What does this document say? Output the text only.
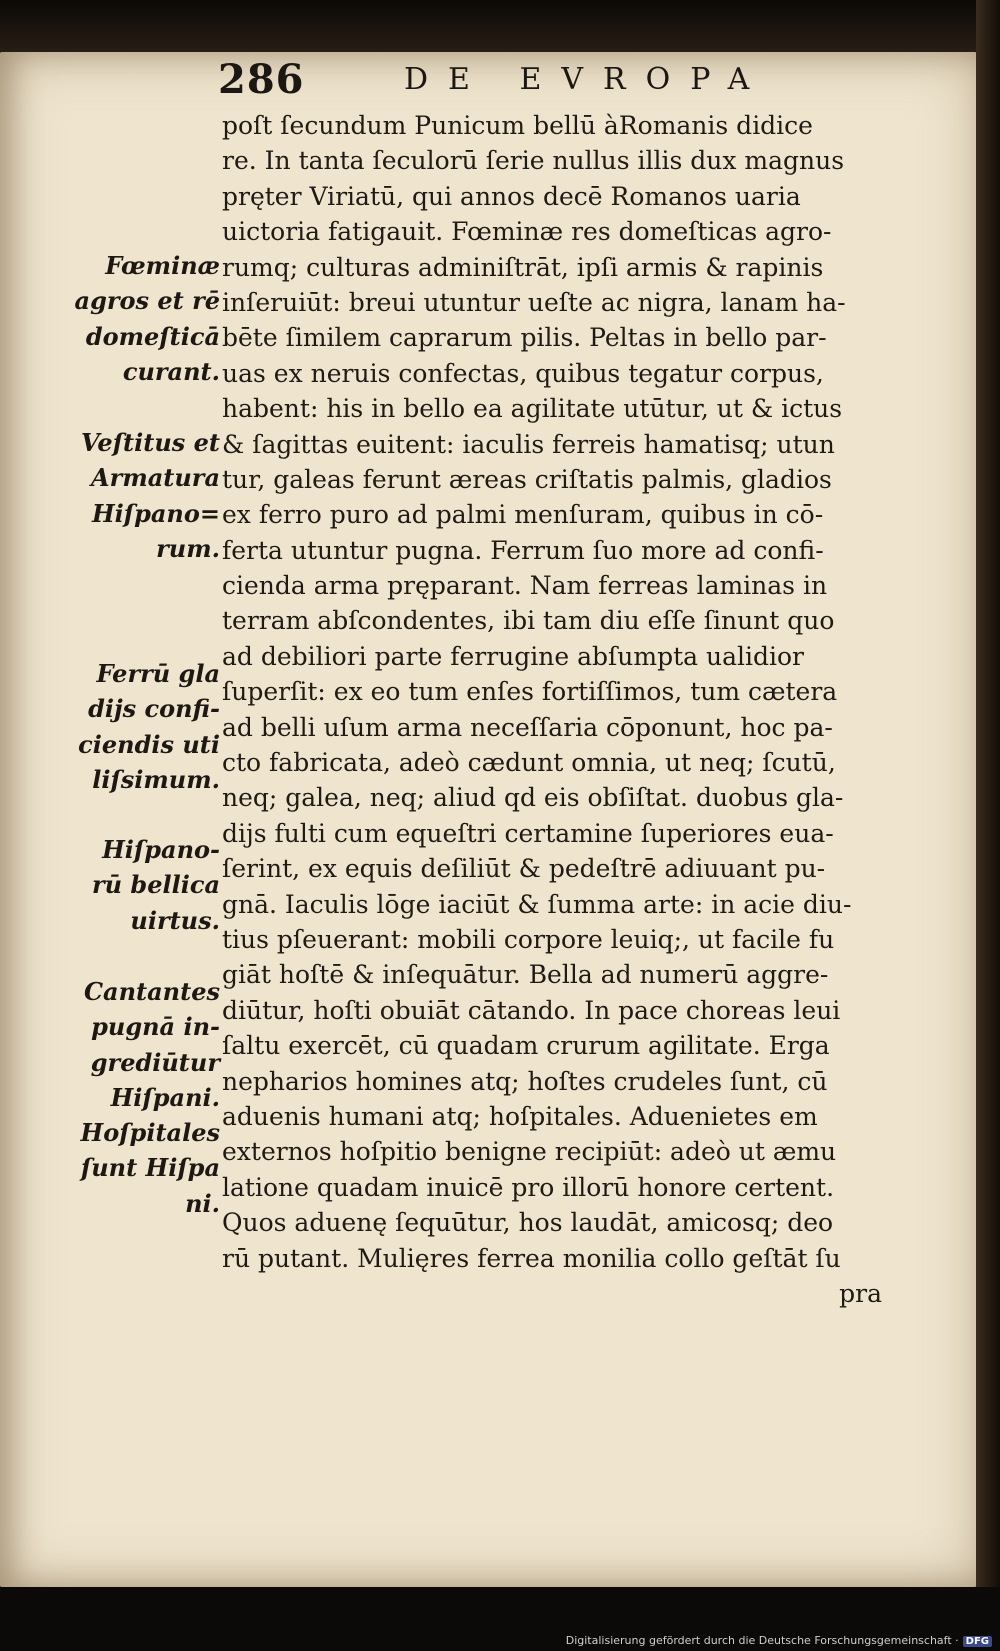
286	DE EVROPA
poſt ſecundum Punicum bellū àRomanis didice
re. In tanta ſeculorū ſerie nullus illis dux magnus
pręter Viriatū, qui annos decē Romanos uaria
uictoria fatigauit. Fœminæ res domeſticas agro-
rumq; culturas adminiſtrāt, ipſi armis & rapinis
inſeruiūt: breui utuntur ueſte ac nigra, lanam ha-
bēte ſimilem caprarum pilis. Peltas in bello par-
uas ex neruis confectas, quibus tegatur corpus,
habent: his in bello ea agilitate utūtur, ut & ictus
& ſagittas euitent: iaculis ferreis hamatisq; utun
tur, galeas ferunt æreas criſtatis palmis, gladios
ex ferro puro ad palmi menſuram, quibus in cō-
ferta utuntur pugna. Ferrum ſuo more ad confi-
cienda arma pręparant. Nam ferreas laminas in
terram abſcondentes, ibi tam diu eſſe ſinunt quo
ad debiliori parte ferrugine abſumpta ualidior
ſuperſit: ex eo tum enſes fortiſſimos, tum cætera
ad belli uſum arma neceſſaria cōponunt, hoc pa-
cto fabricata, adeò cædunt omnia, ut neq; ſcutū,
neq; galea, neq; aliud qd eis obſiſtat. duobus gla-
dijs fulti cum equeſtri certamine ſuperiores eua-
ſerint, ex equis deſiliūt & pedeſtrē adiuuant pu-
gnā. Iaculis lōge iaciūt & ſumma arte: in acie diu-
tius pſeuerant: mobili corpore leuiq;, ut facile fu
giāt hoſtē & inſequātur. Bella ad numerū aggre-
diūtur, hoſti obuiāt cātando. In pace choreas leui
ſaltu exercēt, cū quadam crurum agilitate. Erga
nepharios homines atq; hoſtes crudeles ſunt, cū
aduenis humani atq; hoſpitales. Aduenietes em
externos hoſpitio benigne recipiūt: adeò ut æmu
latione quadam inuicē pro illorū honore certent.
Quos aduenę ſequūtur, hos laudāt, amicosq; deo
rū putant. Mulięres ferrea monilia collo geſtāt ſu
pra
Fœminæ
agros et rē
domeſticā
curant.
Veſtitus et
Armatura
Hiſpano=
rum.
Ferrū gla
dijs confi-
ciendis uti
liſsimum.
Hiſpano-
rū bellica
uirtus.
Cantantes
pugnā in-
grediūtur
Hiſpani.
Hoſpitales
ſunt Hiſpa
ni.
Digitalisierung gefördert durch die Deutsche Forschungsgemeinschaft · DFG
